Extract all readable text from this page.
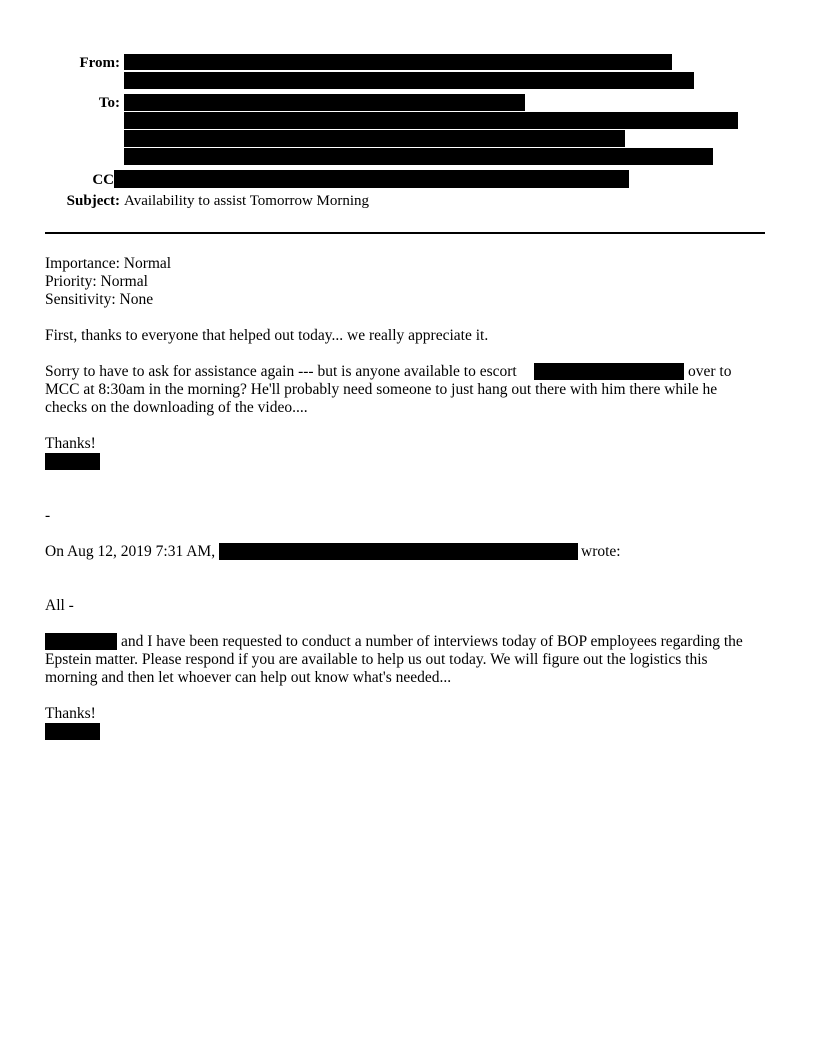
From:
To:
CC
Subject: Availability to assist Tomorrow Morning
Importance: Normal
Priority: Normal
Sensitivity: None
First, thanks to everyone that helped out today... we really appreciate it.
Sorry to have to ask for assistance again --- but is anyone available to escort
MCC at 8:30am in the morning? He'll probably need someone to just hang out there with him there while he
checks on the downloading of the video....
over to
Thanks!
-
On Aug 12, 2019 7:31 AM,	wrote:
All -
and I have been requested to conduct a number of interviews today of BOP employees regarding the
Epstein matter. Please respond if you are available to help us out today. We will figure out the logistics this
morning and then let whoever can help out know what's needed...
Thanks!
